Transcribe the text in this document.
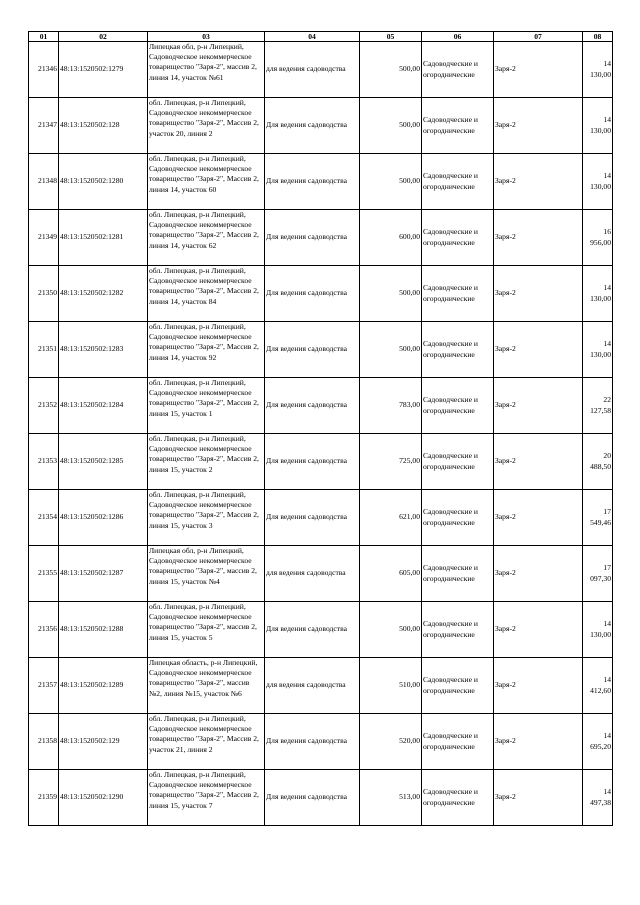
01	02	03	04	05	06	07	08
21346	48:13:1520502:1279	Липецкая обл, р-н Липецкий, Садоводческое некоммерческое товарищество "Заря-2", массив 2, линия 14, участок №61	для ведения садоводства	500,00	Садоводческие и огороднические	Заря-2	14 130,00
21347	48:13:1520502:128	обл. Липецкая, р-н Липецкий, Садоводческое некоммерческое товарищество "Заря-2", Массив 2, участок 20, линия 2	Для ведения садоводства	500,00	Садоводческие и огороднические	Заря-2	14 130,00
21348	48:13:1520502:1280	обл. Липецкая, р-н Липецкий, Садоводческое некоммерческое товарищество "Заря-2", Массив 2, линия 14, участок 60	Для ведения садоводства	500,00	Садоводческие и огороднические	Заря-2	14 130,00
21349	48:13:1520502:1281	обл. Липецкая, р-н Липецкий, Садоводческое некоммерческое товарищество "Заря-2", Массив 2, линия 14, участок 62	Для ведения садоводства	600,00	Садоводческие и огороднические	Заря-2	16 956,00
21350	48:13:1520502:1282	обл. Липецкая, р-н Липецкий, Садоводческое некоммерческое товарищество "Заря-2", Массив 2, линия 14, участок 84	Для ведения садоводства	500,00	Садоводческие и огороднические	Заря-2	14 130,00
21351	48:13:1520502:1283	обл. Липецкая, р-н Липецкий, Садоводческое некоммерческое товарищество "Заря-2", Массив 2, линия 14, участок 92	Для ведения садоводства	500,00	Садоводческие и огороднические	Заря-2	14 130,00
21352	48:13:1520502:1284	обл. Липецкая, р-н Липецкий, Садоводческое некоммерческое товарищество "Заря-2", Массив 2, линия 15, участок 1	Для ведения садоводства	783,00	Садоводческие и огороднические	Заря-2	22 127,58
21353	48:13:1520502:1285	обл. Липецкая, р-н Липецкий, Садоводческое некоммерческое товарищество "Заря-2", Массив 2, линия 15, участок 2	Для ведения садоводства	725,00	Садоводческие и огороднические	Заря-2	20 488,50
21354	48:13:1520502:1286	обл. Липецкая, р-н Липецкий, Садоводческое некоммерческое товарищество "Заря-2", Массив 2, линия 15, участок 3	Для ведения садоводства	621,00	Садоводческие и огороднические	Заря-2	17 549,46
21355	48:13:1520502:1287	Липецкая обл, р-н Липецкий, Садоводческое некоммерческое товарищество "Заря-2", массив 2, линия 15, участок №4	для ведения садоводства	605,00	Садоводческие и огороднические	Заря-2	17 097,30
21356	48:13:1520502:1288	обл. Липецкая, р-н Липецкий, Садоводческое некоммерческое товарищество "Заря-2", массив 2, линия 15, участок 5	Для ведения садоводства	500,00	Садоводческие и огороднические	Заря-2	14 130,00
21357	48:13:1520502:1289	Липецкая область, р-н Липецкий, Садоводческое некоммерческое товарищество "Заря-2", массив №2, линия №15, участок №6	для ведения садоводства	510,00	Садоводческие и огороднические	Заря-2	14 412,60
21358	48:13:1520502:129	обл. Липецкая, р-н Липецкий, Садоводческое некоммерческое товарищество "Заря-2", Массив 2, участок 21, линия 2	Для ведения садоводства	520,00	Садоводческие и огороднические	Заря-2	14 695,20
21359	48:13:1520502:1290	обл. Липецкая, р-н Липецкий, Садоводческое некоммерческое товарищество "Заря-2", Массив 2, линия 15, участок 7	Для ведения садоводства	513,00	Садоводческие и огороднические	Заря-2	14 497,38
